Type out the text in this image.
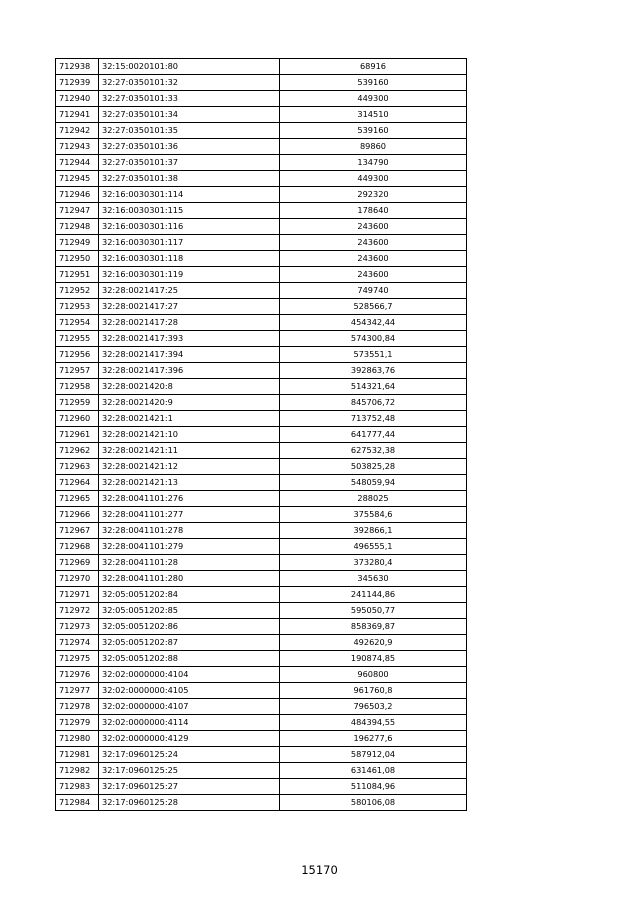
712938	32:15:0020101:80	68916
712939	32:27:0350101:32	539160
712940	32:27:0350101:33	449300
712941	32:27:0350101:34	314510
712942	32:27:0350101:35	539160
712943	32:27:0350101:36	89860
712944	32:27:0350101:37	134790
712945	32:27:0350101:38	449300
712946	32:16:0030301:114	292320
712947	32:16:0030301:115	178640
712948	32:16:0030301:116	243600
712949	32:16:0030301:117	243600
712950	32:16:0030301:118	243600
712951	32:16:0030301:119	243600
712952	32:28:0021417:25	749740
712953	32:28:0021417:27	528566,7
712954	32:28:0021417:28	454342,44
712955	32:28:0021417:393	574300,84
712956	32:28:0021417:394	573551,1
712957	32:28:0021417:396	392863,76
712958	32:28:0021420:8	514321,64
712959	32:28:0021420:9	845706,72
712960	32:28:0021421:1	713752,48
712961	32:28:0021421:10	641777,44
712962	32:28:0021421:11	627532,38
712963	32:28:0021421:12	503825,28
712964	32:28:0021421:13	548059,94
712965	32:28:0041101:276	288025
712966	32:28:0041101:277	375584,6
712967	32:28:0041101:278	392866,1
712968	32:28:0041101:279	496555,1
712969	32:28:0041101:28	373280,4
712970	32:28:0041101:280	345630
712971	32:05:0051202:84	241144,86
712972	32:05:0051202:85	595050,77
712973	32:05:0051202:86	858369,87
712974	32:05:0051202:87	492620,9
712975	32:05:0051202:88	190874,85
712976	32:02:0000000:4104	960800
712977	32:02:0000000:4105	961760,8
712978	32:02:0000000:4107	796503,2
712979	32:02:0000000:4114	484394,55
712980	32:02:0000000:4129	196277,6
712981	32:17:0960125:24	587912,04
712982	32:17:0960125:25	631461,08
712983	32:17:0960125:27	511084,96
712984	32:17:0960125:28	580106,08
15170
